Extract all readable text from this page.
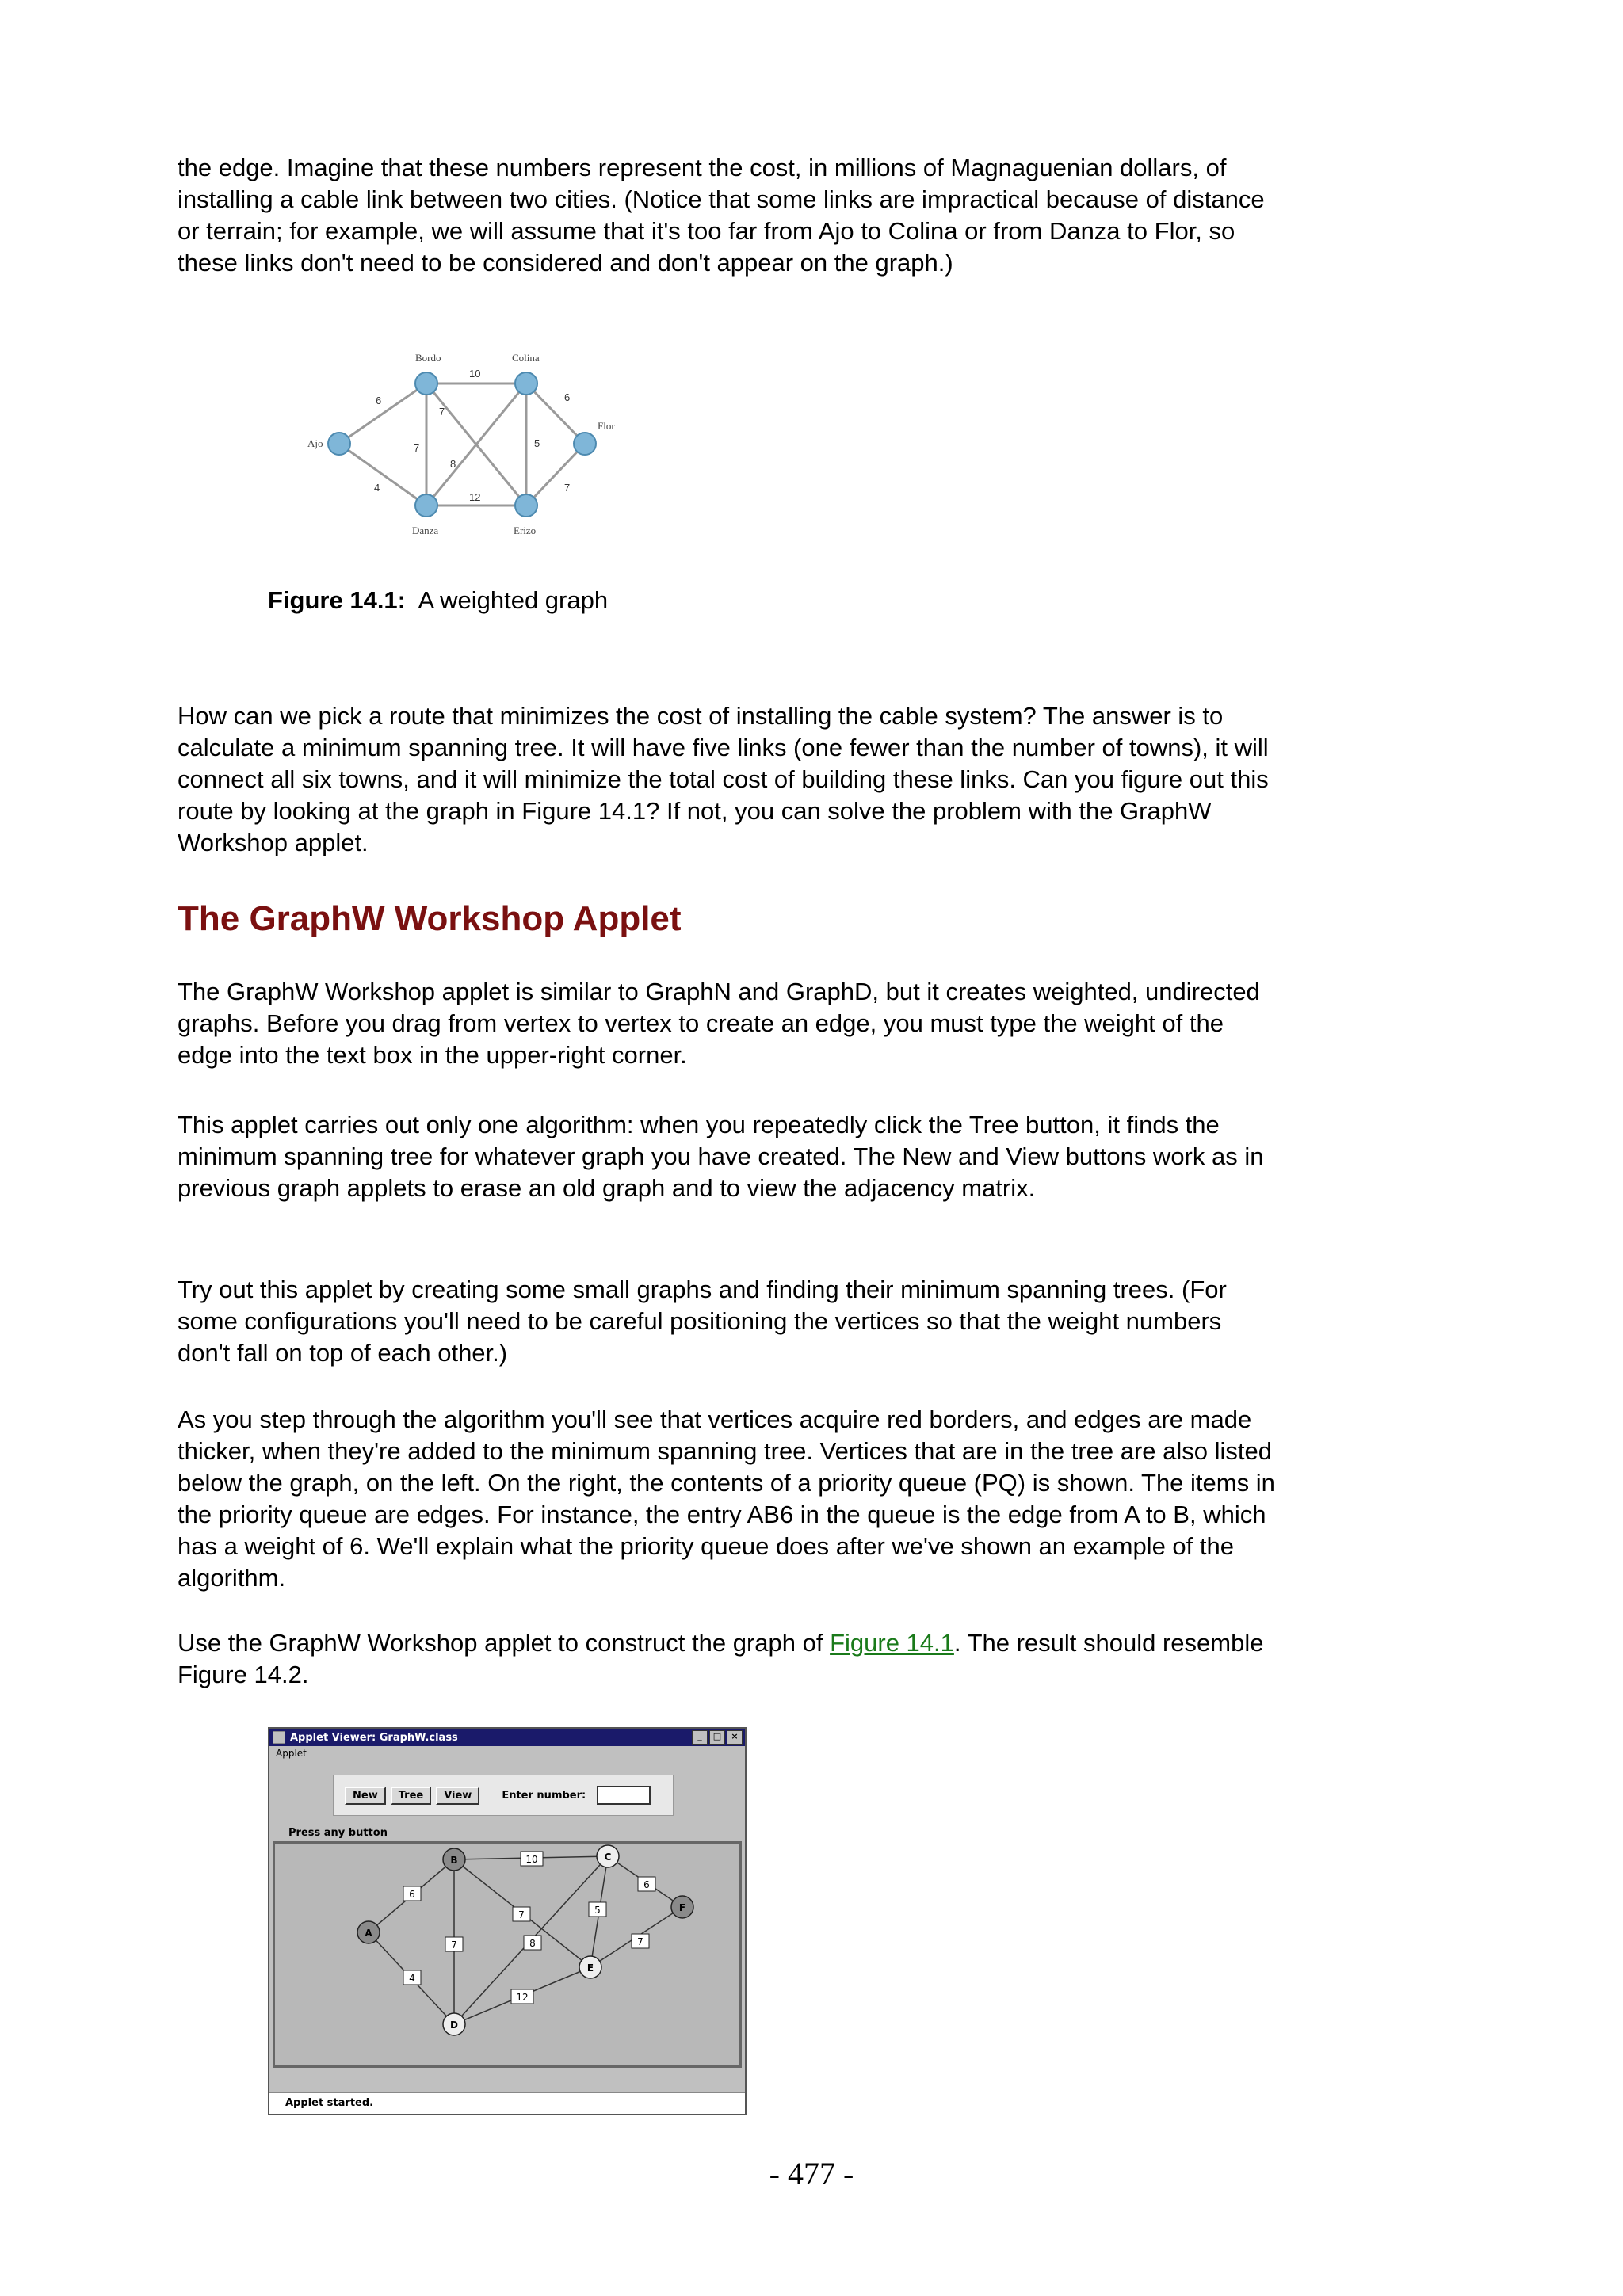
the edge. Imagine that these numbers represent the cost, in millions of Magnaguenian dollars, of installing a cable link between two cities. (Notice that some links are impractical because of distance or terrain; for example, we will assume that it's too far from Ajo to Colina or from Danza to Flor, so these links don't need to be considered and don't appear on the graph.)

Bordo	Colina
Ajo
Flor
Danza	Erizo
6
10
7
7
8
5
6
4
12
7
Figure 14.1: A weighted graph

How can we pick a route that minimizes the cost of installing the cable system? The answer is to calculate a minimum spanning tree. It will have five links (one fewer than the number of towns), it will connect all six towns, and it will minimize the total cost of building these links. Can you figure out this route by looking at the graph in Figure 14.1? If not, you can solve the problem with the GraphW Workshop applet.

The GraphW Workshop Applet

The GraphW Workshop applet is similar to GraphN and GraphD, but it creates weighted, undirected graphs. Before you drag from vertex to vertex to create an edge, you must type the weight of the edge into the text box in the upper-right corner.

This applet carries out only one algorithm: when you repeatedly click the Tree button, it finds the minimum spanning tree for whatever graph you have created. The New and View buttons work as in previous graph applets to erase an old graph and to view the adjacency matrix.

Try out this applet by creating some small graphs and finding their minimum spanning trees. (For some configurations you'll need to be careful positioning the vertices so that the weight numbers don't fall on top of each other.)

As you step through the algorithm you'll see that vertices acquire red borders, and edges are made thicker, when they're added to the minimum spanning tree. Vertices that are in the tree are also listed below the graph, on the left. On the right, the contents of a priority queue (PQ) is shown. The items in the priority queue are edges. For instance, the entry AB6 in the queue is the edge from A to B, which has a weight of 6. We'll explain what the priority queue does after we've shown an example of the algorithm.

Use the GraphW Workshop applet to construct the graph of Figure 14.1. The result should resemble Figure 14.2.

Applet Viewer: GraphW.class	_	□	×
Applet
New	Tree	View	Enter number:
Press any button
A
B	C
D
E
F
6
10
7
7
8
5
6
4
12
7
Applet started.
- 477 -
